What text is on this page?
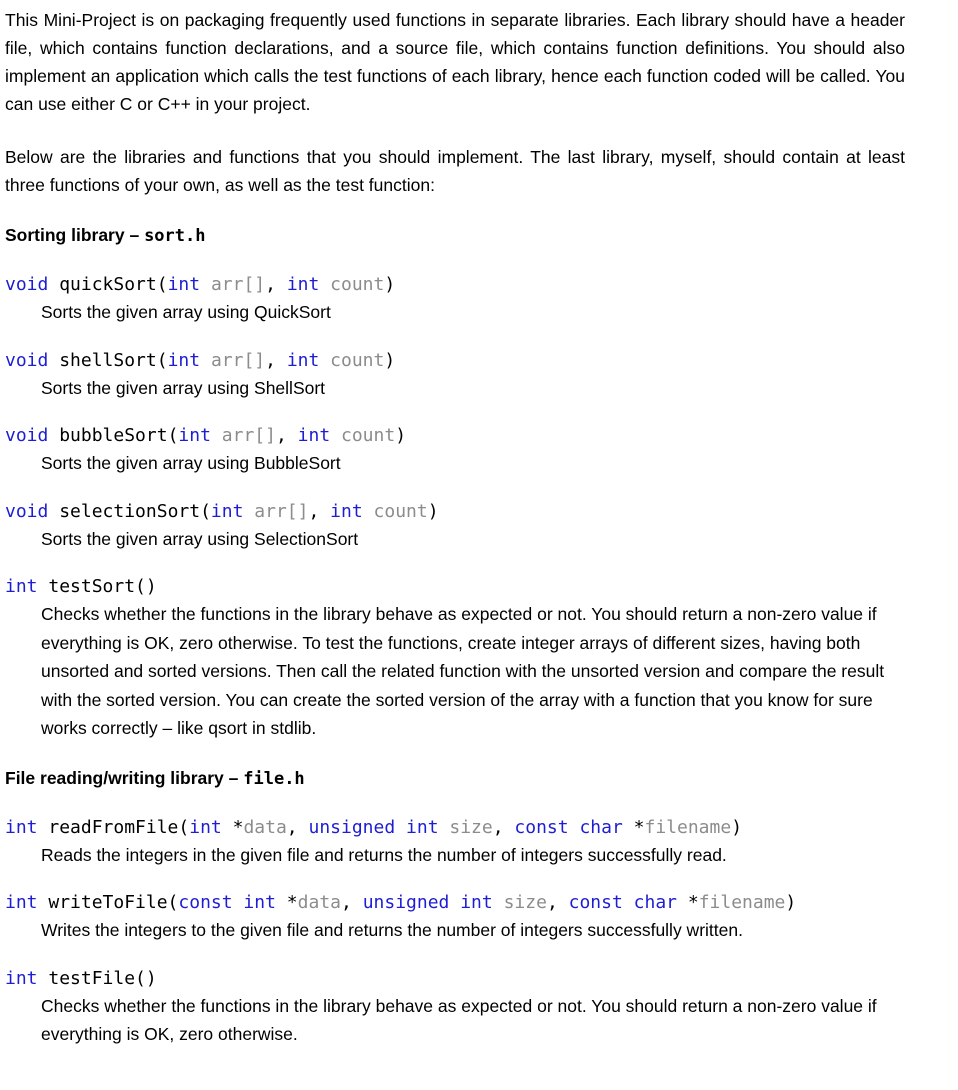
This Mini-Project is on packaging frequently used functions in separate libraries. Each library should have a header file, which contains function declarations, and a source file, which contains function definitions. You should also implement an application which calls the test functions of each library, hence each function coded will be called. You can use either C or C++ in your project.

Below are the libraries and functions that you should implement. The last library, myself, should contain at least three functions of your own, as well as the test function:

Sorting library – sort.h
void quickSort(int arr[], int count)
Sorts the given array using QuickSort
void shellSort(int arr[], int count)
Sorts the given array using ShellSort
void bubbleSort(int arr[], int count)
Sorts the given array using BubbleSort
void selectionSort(int arr[], int count)
Sorts the given array using SelectionSort
int testSort()
Checks whether the functions in the library behave as expected or not. You should return a non-zero value if everything is OK, zero otherwise. To test the functions, create integer arrays of different sizes, having both unsorted and sorted versions. Then call the related function with the unsorted version and compare the result with the sorted version. You can create the sorted version of the array with a function that you know for sure works correctly – like qsort in stdlib.
File reading/writing library – file.h
int readFromFile(int *data, unsigned int size, const char *filename)
Reads the integers in the given file and returns the number of integers successfully read.
int writeToFile(const int *data, unsigned int size, const char *filename)
Writes the integers to the given file and returns the number of integers successfully written.
int testFile()
Checks whether the functions in the library behave as expected or not. You should return a non-zero value if everything is OK, zero otherwise.
